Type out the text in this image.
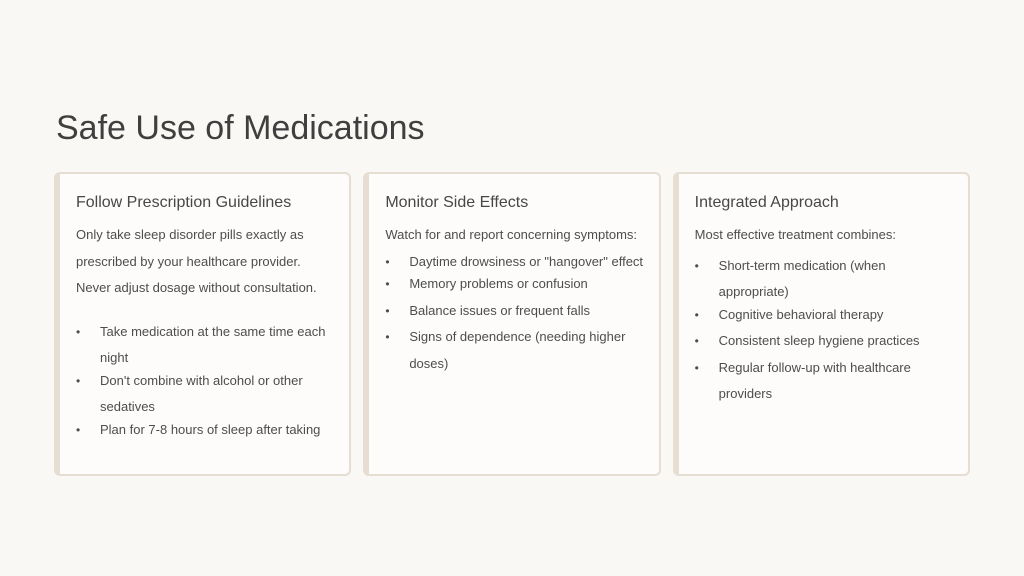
Safe Use of Medications
Follow Prescription Guidelines

Only take sleep disorder pills exactly as prescribed by your healthcare provider. Never adjust dosage without consultation.

• Take medication at the same time each night
• Don't combine with alcohol or other sedatives
• Plan for 7-8 hours of sleep after taking
Monitor Side Effects

Watch for and report concerning symptoms:

• Daytime drowsiness or "hangover" effect
• Memory problems or confusion
• Balance issues or frequent falls
• Signs of dependence (needing higher doses)
Integrated Approach

Most effective treatment combines:

• Short-term medication (when appropriate)
• Cognitive behavioral therapy
• Consistent sleep hygiene practices
• Regular follow-up with healthcare providers
